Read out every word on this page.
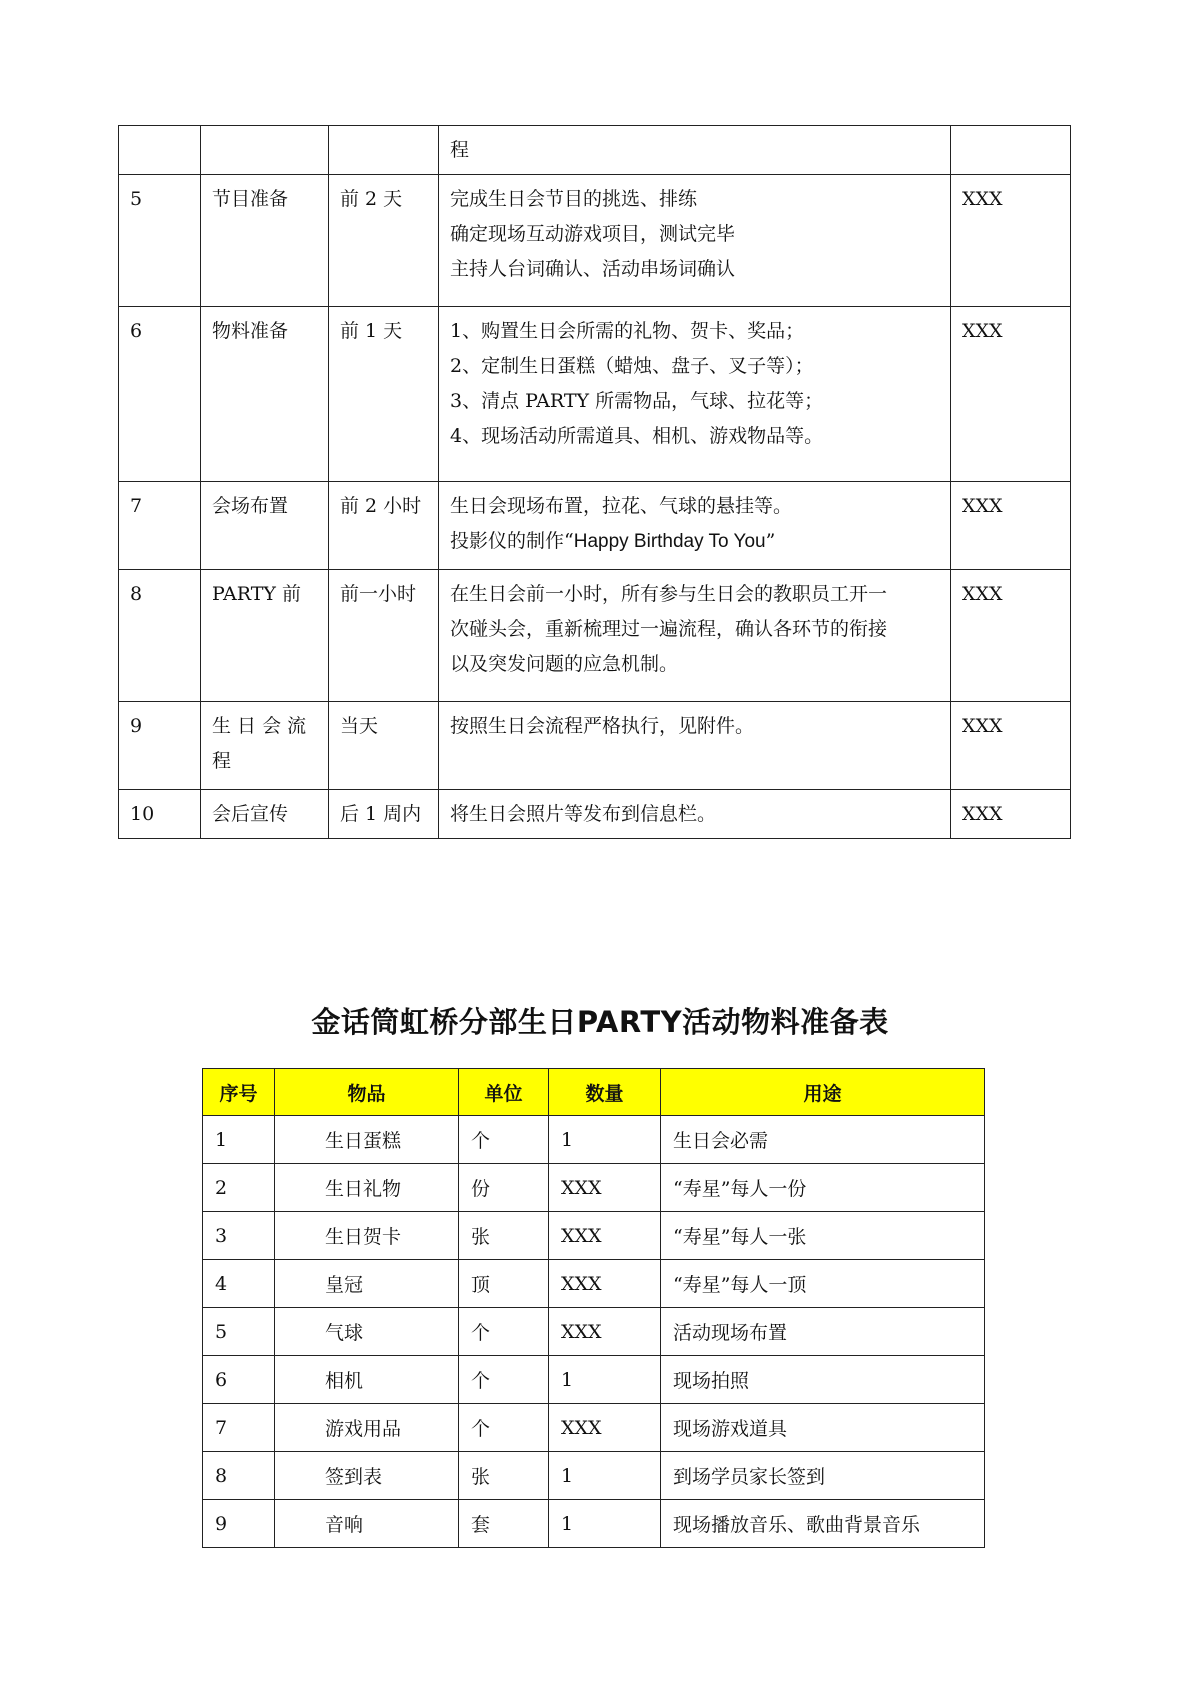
			程	

5	节目准备	前 2 天	完成生日会节目的挑选、排练
确定现场互动游戏项目，测试完毕
主持人台词确认、活动串场词确认	XXX

6	物料准备	前 1 天	1、购置生日会所需的礼物、贺卡、奖品；
2、定制生日蛋糕（蜡烛、盘子、叉子等）；
3、清点 PARTY 所需物品，气球、拉花等；
4、现场活动所需道具、相机、游戏物品等。	XXX

7	会场布置	前 2 小时	生日会现场布置，拉花、气球的悬挂等。
投影仪的制作“Happy Birthday To You”	XXX

8	PARTY 前	前一小时	在生日会前一小时，所有参与生日会的教职员工开一
次碰头会，重新梳理过一遍流程，确认各环节的衔接
以及突发问题的应急机制。	XXX

9	生 日 会 流
程	当天	按照生日会流程严格执行，见附件。	XXX

10	会后宣传	后 1 周内	将生日会照片等发布到信息栏。	XXX
金话筒虹桥分部生日PARTY活动物料准备表
序号	物品	单位	数量	用途
1	生日蛋糕	个	1	生日会必需
2	生日礼物	份	XXX	“寿星”每人一份
3	生日贺卡	张	XXX	“寿星”每人一张
4	皇冠	顶	XXX	“寿星”每人一顶
5	气球	个	XXX	活动现场布置
6	相机	个	1	现场拍照
7	游戏用品	个	XXX	现场游戏道具
8	签到表	张	1	到场学员家长签到
9	音响	套	1	现场播放音乐、歌曲背景音乐
